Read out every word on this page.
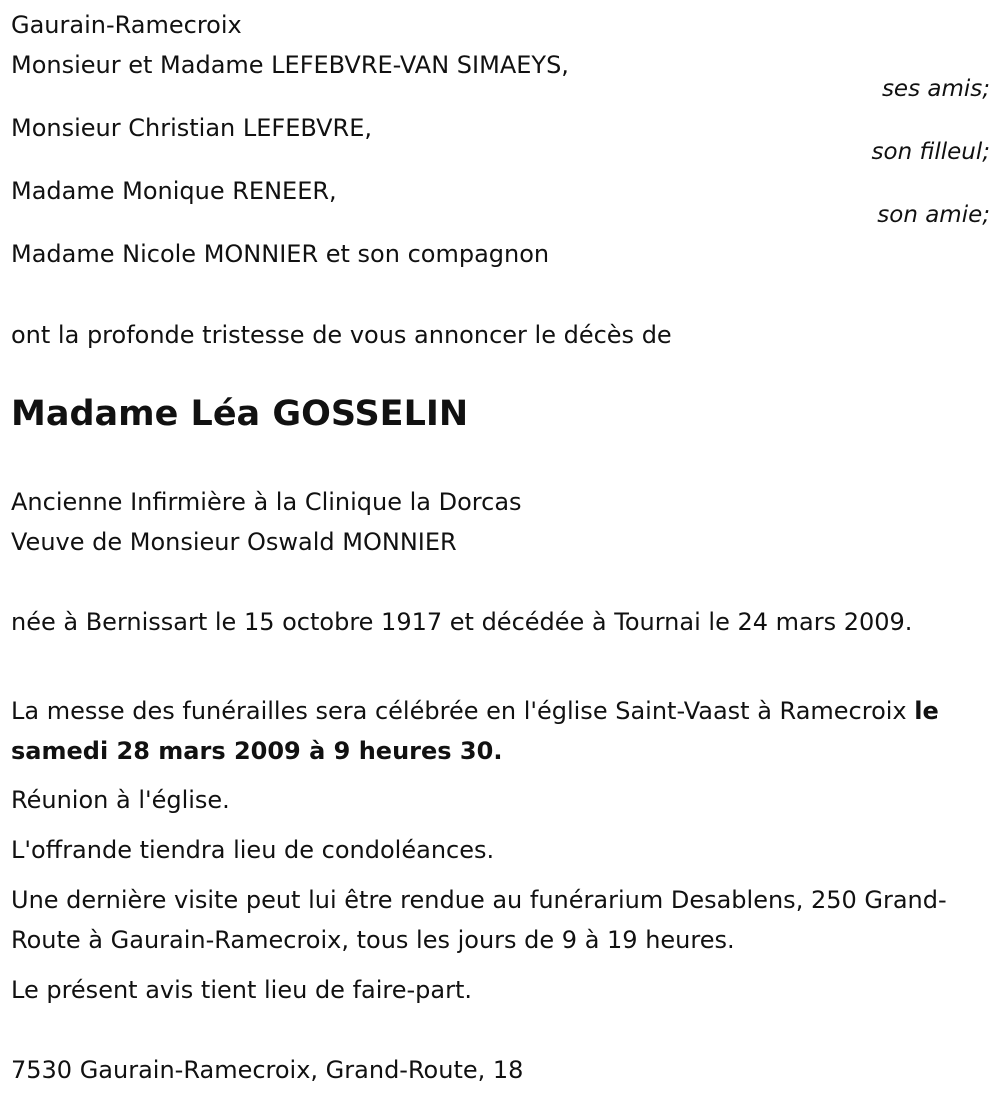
Gaurain-Ramecroix
Monsieur et Madame LEFEBVRE-VAN SIMAEYS,
ses amis;
Monsieur Christian LEFEBVRE,
son filleul;
Madame Monique RENEER,
son amie;
Madame Nicole MONNIER et son compagnon
ont la profonde tristesse de vous annoncer le décès de
Madame Léa GOSSELIN
Ancienne Infirmière à la Clinique la Dorcas
Veuve de Monsieur Oswald MONNIER
née à Bernissart le 15 octobre 1917 et décédée à Tournai le 24 mars 2009.
La messe des funérailles sera célébrée en l'église Saint-Vaast à Ramecroix le samedi 28 mars 2009 à 9 heures 30.
Réunion à l'église.
L'offrande tiendra lieu de condoléances.
Une dernière visite peut lui être rendue au funérarium Desablens, 250 Grand-Route à Gaurain-Ramecroix, tous les jours de 9 à 19 heures.
Le présent avis tient lieu de faire-part.
7530 Gaurain-Ramecroix, Grand-Route, 18
